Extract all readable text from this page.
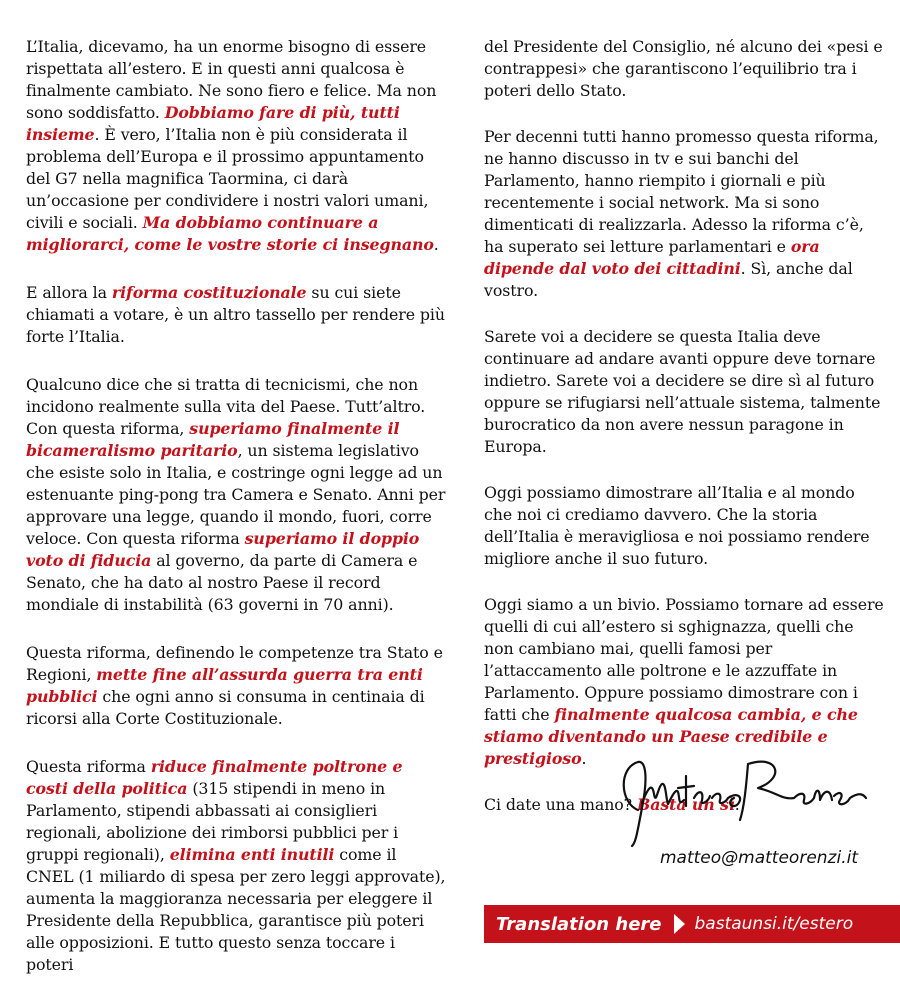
L’Italia, dicevamo, ha un enorme bisogno di essere rispettata all’estero. E in questi anni qualcosa è finalmente cambiato. Ne sono fiero e felice. Ma non sono soddisfatto. Dobbiamo fare di più, tutti insieme. È vero, l’Italia non è più considerata il problema dell’Europa e il prossimo appuntamento del G7 nella magnifica Taormina, ci darà un’occasione per condividere i nostri valori umani, civili e sociali. Ma dobbiamo continuare a migliorarci, come le vostre storie ci insegnano.

E allora la riforma costituzionale su cui siete chiamati a votare, è un altro tassello per rendere più forte l’Italia.

Qualcuno dice che si tratta di tecnicismi, che non incidono realmente sulla vita del Paese. Tutt’altro. Con questa riforma, superiamo finalmente il bicameralismo paritario, un sistema legislativo che esiste solo in Italia, e costringe ogni legge ad un estenuante ping-pong tra Camera e Senato. Anni per approvare una legge, quando il mondo, fuori, corre veloce. Con questa riforma superiamo il doppio voto di fiducia al governo, da parte di Camera e Senato, che ha dato al nostro Paese il record mondiale di instabilità (63 governi in 70 anni).

Questa riforma, definendo le competenze tra Stato e Regioni, mette fine all’assurda guerra tra enti pubblici che ogni anno si consuma in centinaia di ricorsi alla Corte Costituzionale.

Questa riforma riduce finalmente poltrone e costi della politica (315 stipendi in meno in Parlamento, stipendi abbassati ai consiglieri regionali, abolizione dei rimborsi pubblici per i gruppi regionali), elimina enti inutili come il CNEL (1 miliardo di spesa per zero leggi approvate), aumenta la maggioranza necessaria per eleggere il Presidente della Repubblica, garantisce più poteri alle opposizioni. E tutto questo senza toccare i poteri

del Presidente del Consiglio, né alcuno dei «pesi e contrappesi» che garantiscono l’equilibrio tra i poteri dello Stato.

Per decenni tutti hanno promesso questa riforma, ne hanno discusso in tv e sui banchi del Parlamento, hanno riempito i giornali e più recentemente i social network. Ma si sono dimenticati di realizzarla. Adesso la riforma c’è, ha superato sei letture parlamentari e ora dipende dal voto dei cittadini. Sì, anche dal vostro.

Sarete voi a decidere se questa Italia deve continuare ad andare avanti oppure deve tornare indietro. Sarete voi a decidere se dire sì al futuro oppure se rifugiarsi nell’attuale sistema, talmente burocratico da non avere nessun paragone in Europa.

Oggi possiamo dimostrare all’Italia e al mondo che noi ci crediamo davvero. Che la storia dell’Italia è meravigliosa e noi possiamo rendere migliore anche il suo futuro.

Oggi siamo a un bivio. Possiamo tornare ad essere quelli di cui all’estero si sghignazza, quelli che non cambiano mai, quelli famosi per l’attaccamento alle poltrone e le azzuffate in Parlamento. Oppure possiamo dimostrare con i fatti che finalmente qualcosa cambia, e che stiamo diventando un Paese credibile e prestigioso.

Ci date una mano? Basta un sì.

matteo@matteorenzi.it
Translation here bastaunsi.it/estero
